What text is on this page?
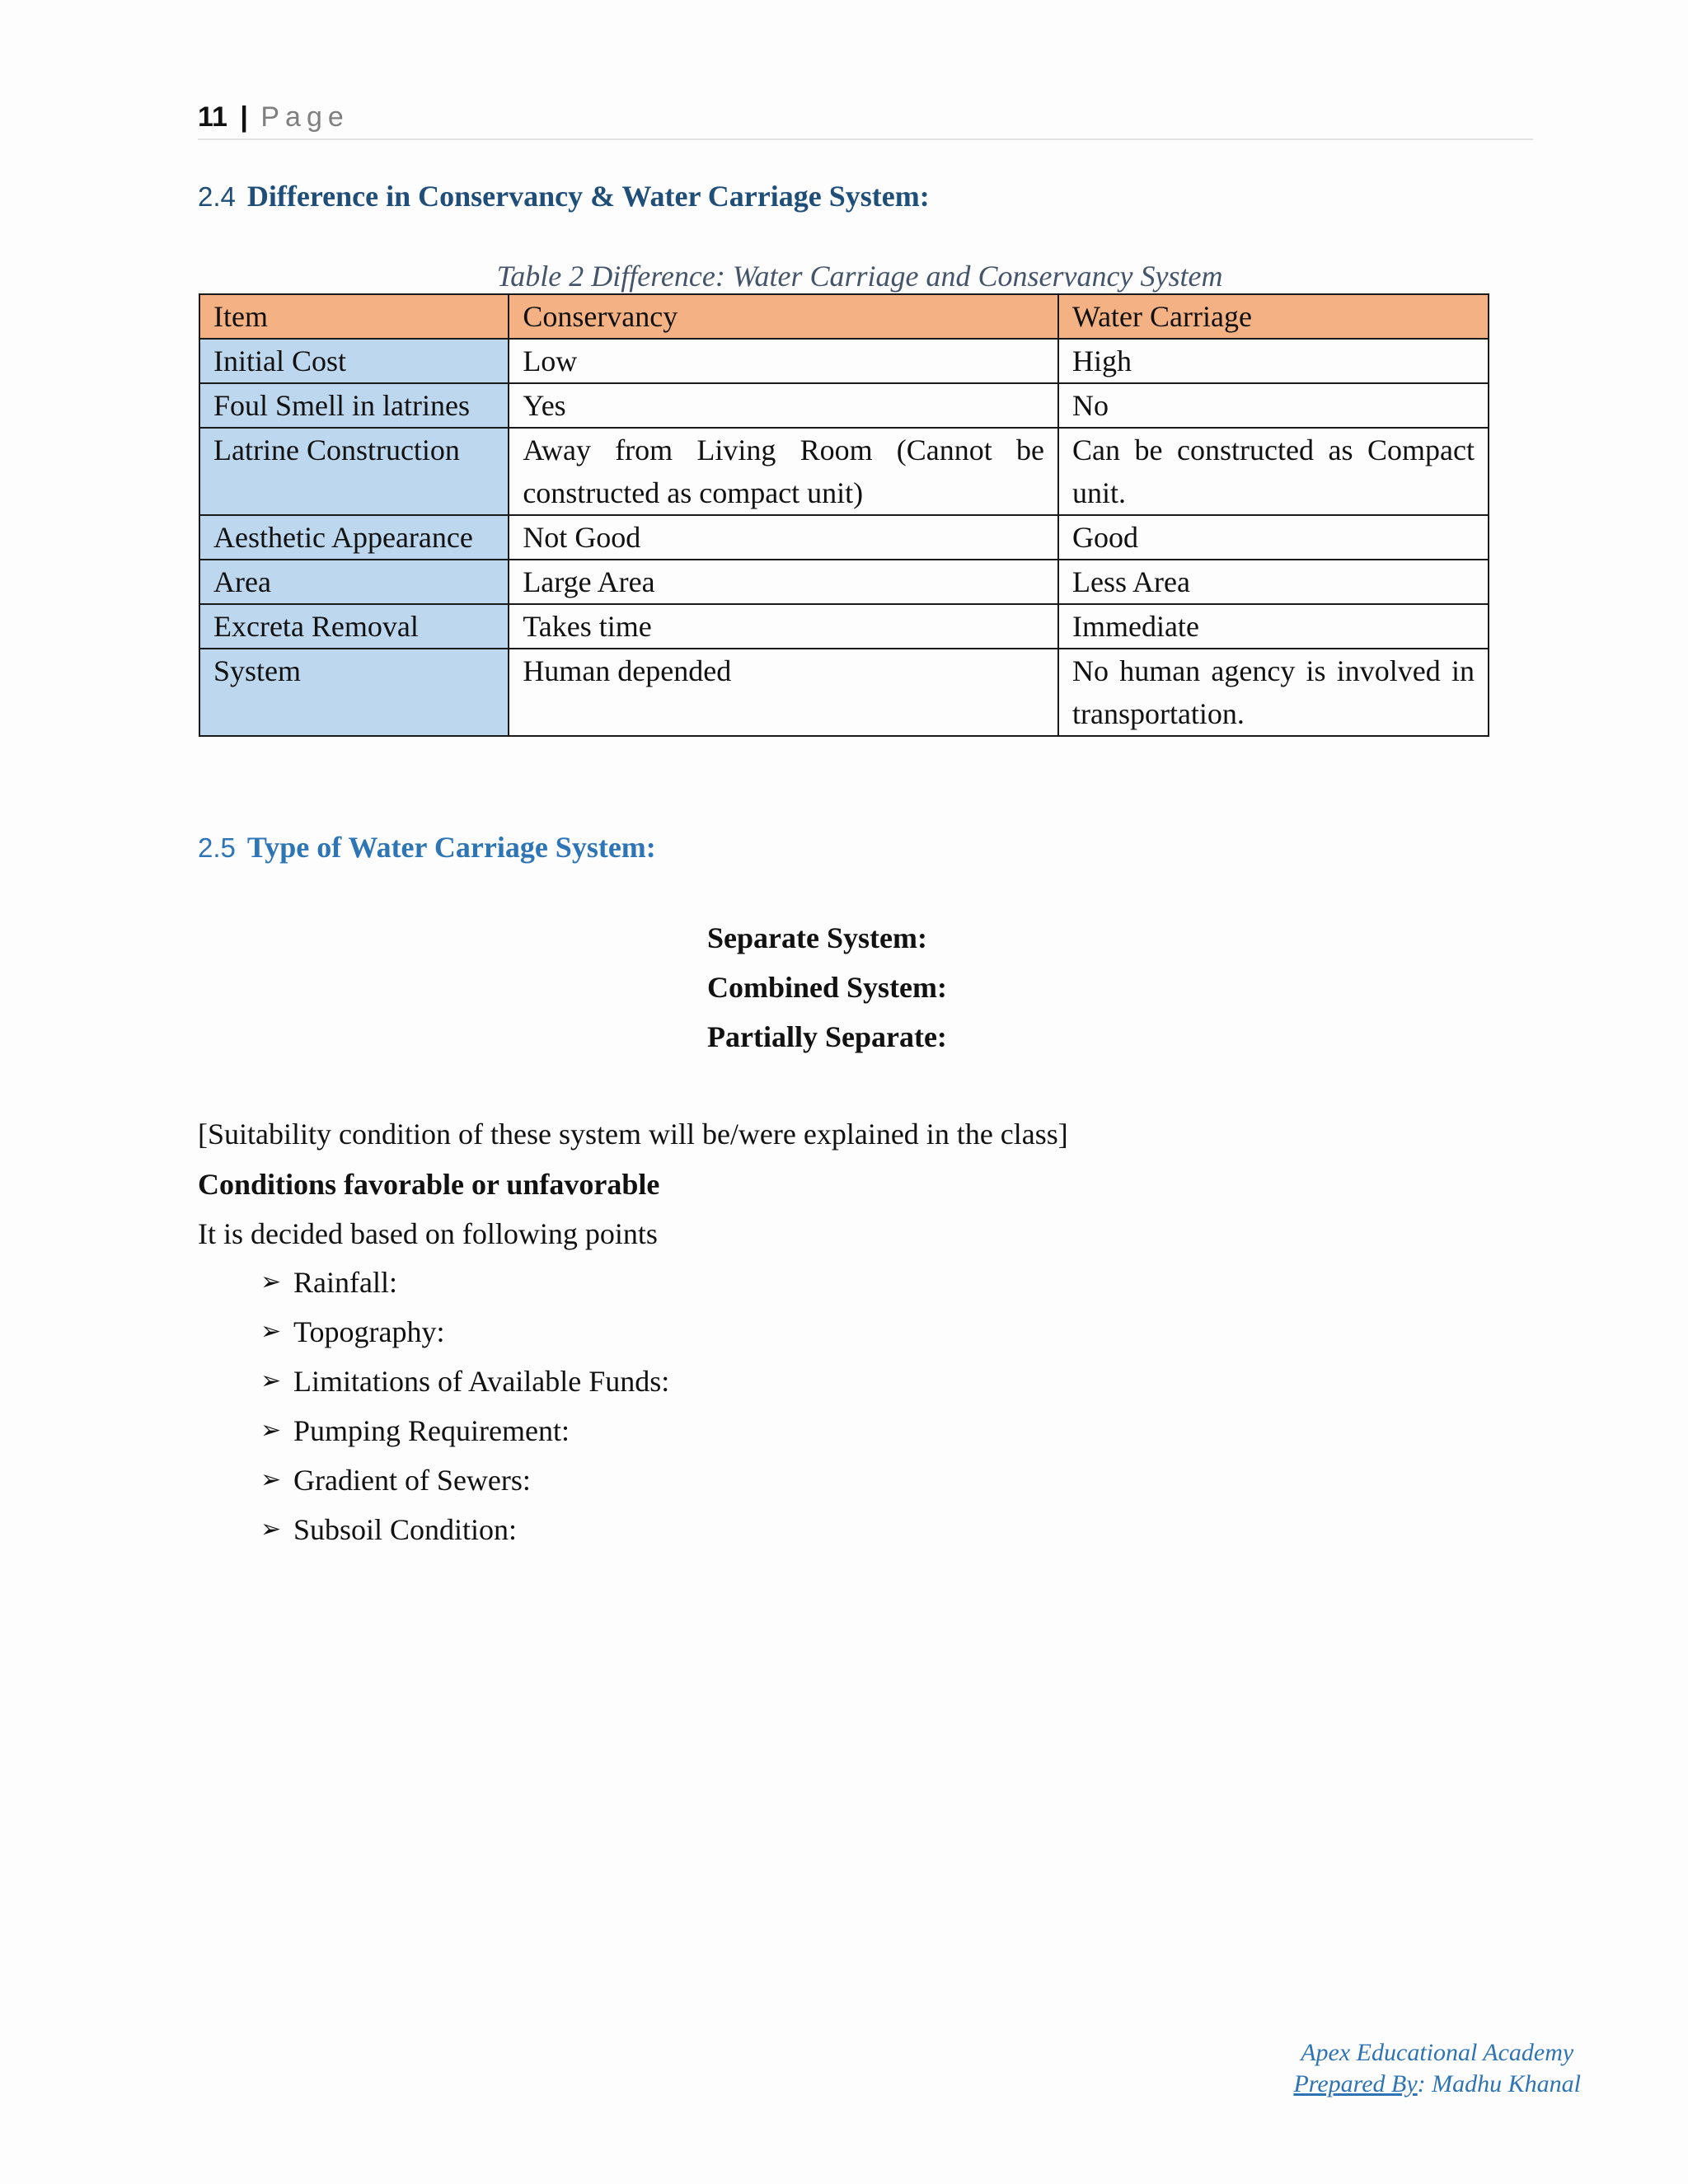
11 | Page
2.4 Difference in Conservancy & Water Carriage System:
Table 2 Difference: Water Carriage and Conservancy System
Item	Conservancy	Water Carriage
Initial Cost	Low	High
Foul Smell in latrines	Yes	No
Latrine Construction	Away from Living Room (Cannot be constructed as compact unit)	Can be constructed as Compact unit.
Aesthetic Appearance	Not Good	Good
Area	Large Area	Less Area
Excreta Removal	Takes time	Immediate
System	Human depended	No human agency is involved in transportation.
2.5 Type of Water Carriage System:
Separate System:
Combined System:
Partially Separate:
[Suitability condition of these system will be/were explained in the class]
Conditions favorable or unfavorable
It is decided based on following points
➢ Rainfall:
➢ Topography:
➢ Limitations of Available Funds:
➢ Pumping Requirement:
➢ Gradient of Sewers:
➢ Subsoil Condition:
Apex Educational Academy
Prepared By: Madhu Khanal
